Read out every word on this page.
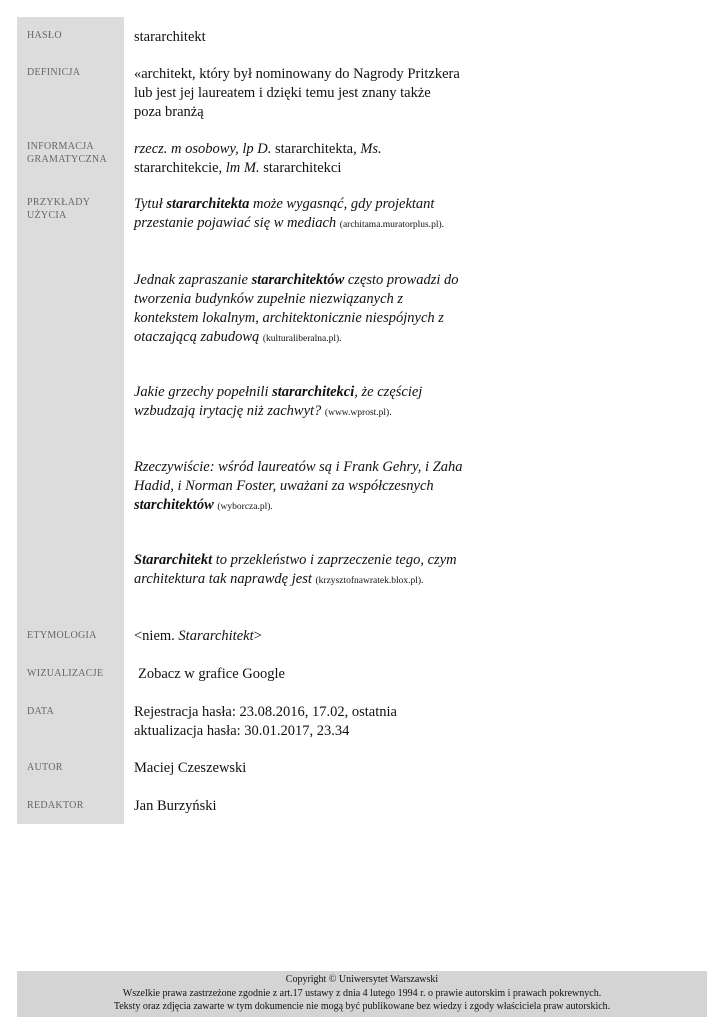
HASŁO
DEFINICJA
INFORMACJA
GRAMATYCZNA
PRZYKŁADY
UŻYCIA
ETYMOLOGIA
WIZUALIZACJE
DATA
AUTOR
REDAKTOR
stararchitekt
«architekt, który był nominowany do Nagrody Pritzkera
lub jest jej laureatem i dzięki temu jest znany także
poza branżą
rzecz. m osobowy, lp D. stararchitekta, Ms.
stararchitekcie, lm M. stararchitekci
Tytuł stararchitekta może wygasnąć, gdy projektant
przestanie pojawiać się w mediach (architama.muratorplus.pl).
Jednak zapraszanie stararchitektów często prowadzi do
tworzenia budynków zupełnie niezwiązanych z
kontekstem lokalnym, architektonicznie niespójnych z
otaczającą zabudową (kulturaliberalna.pl).
Jakie grzechy popełnili stararchitekci, że częściej
wzbudzają irytację niż zachwyt? (www.wprost.pl).
Rzeczywiście: wśród laureatów są i Frank Gehry, i Zaha
Hadid, i Norman Foster, uważani za współczesnych
starchitektów (wyborcza.pl).
Stararchitekt to przekleństwo i zaprzeczenie tego, czym
architektura tak naprawdę jest (krzysztofnawratek.blox.pl).
<niem. Stararchitekt>
Zobacz w grafice Google
Rejestracja hasła: 23.08.2016, 17.02, ostatnia
aktualizacja hasła: 30.01.2017, 23.34
Maciej Czeszewski
Jan Burzyński
Copyright © Uniwersytet Warszawski
Wszelkie prawa zastrzeżone zgodnie z art.17 ustawy z dnia 4 lutego 1994 r. o prawie autorskim i prawach pokrewnych.
Teksty oraz zdjęcia zawarte w tym dokumencie nie mogą być publikowane bez wiedzy i zgody właściciela praw autorskich.
